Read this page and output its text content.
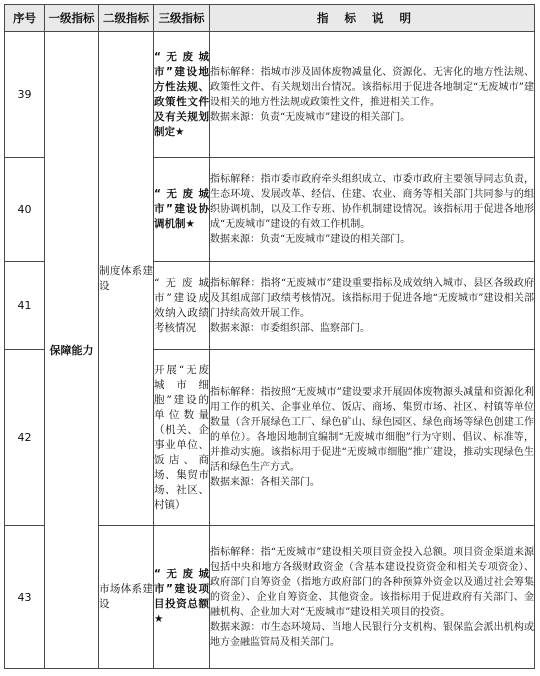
序号	一级指标	二级指标	三级指标	指标说明
39	保障能力	制度体系建设	“无废城市”建设地方性法规、政策性文件及有关规划制定★	指标解释：指城市涉及固体废物减量化、资源化、无害化的地方性法规、政策性文件、有关规划出台情况。该指标用于促进各地制定“无废城市”建设相关的地方性法规或政策性文件，推进相关工作。
数据来源：负责“无废城市”建设的相关部门。

40			“无废城市”建设协调机制★	指标解释：指市委市政府牵头组织成立、市委市政府主要领导同志负责，生态环境、发展改革、经信、住建、农业、商务等相关部门共同参与的组织协调机制，以及工作专班、协作机制建设情况。该指标用于促进各地形成“无废城市”建设的有效工作机制。
数据来源：负责“无废城市”建设的相关部门。

41			“无废城市”建设成效纳入政绩考核情况	指标解释：指将“无废城市”建设重要指标及成效纳入城市、县区各级政府及其组成部门政绩考核情况。该指标用于促进各地“无废城市”建设相关部门持续高效开展工作。
数据来源：市委组织部、监察部门。

42			开展“无废城市细胞”建设的单位数量（机关、企事业单位、饭店、商场、集贸市场、社区、村镇）	指标解释：指按照“无废城市”建设要求开展固体废物源头减量和资源化利用工作的机关、企事业单位、饭店、商场、集贸市场、社区、村镇等单位数量（含开展绿色工厂、绿色矿山、绿色园区、绿色商场等绿色创建工作的单位）。各地因地制宜编制“无废城市细胞”行为守则、倡议、标准等，并推动实施。该指标用于促进“无废城市细胞”推广建设，推动实现绿色生活和绿色生产方式。
数据来源：各相关部门。

43		市场体系建设	“无废城市”建设项目投资总额★	指标解释：指“无废城市”建设相关项目资金投入总额。项目资金渠道来源包括中央和地方各级财政资金（含基本建设投资资金和相关专项资金）、政府部门自筹资金（指地方政府部门的各种预算外资金以及通过社会筹集的资金）、企业自筹资金、其他资金。该指标用于促进政府有关部门、金融机构、企业加大对“无废城市”建设相关项目的投资。
数据来源：市生态环境局、当地人民银行分支机构、银保监会派出机构或地方金融监管局及相关部门。
